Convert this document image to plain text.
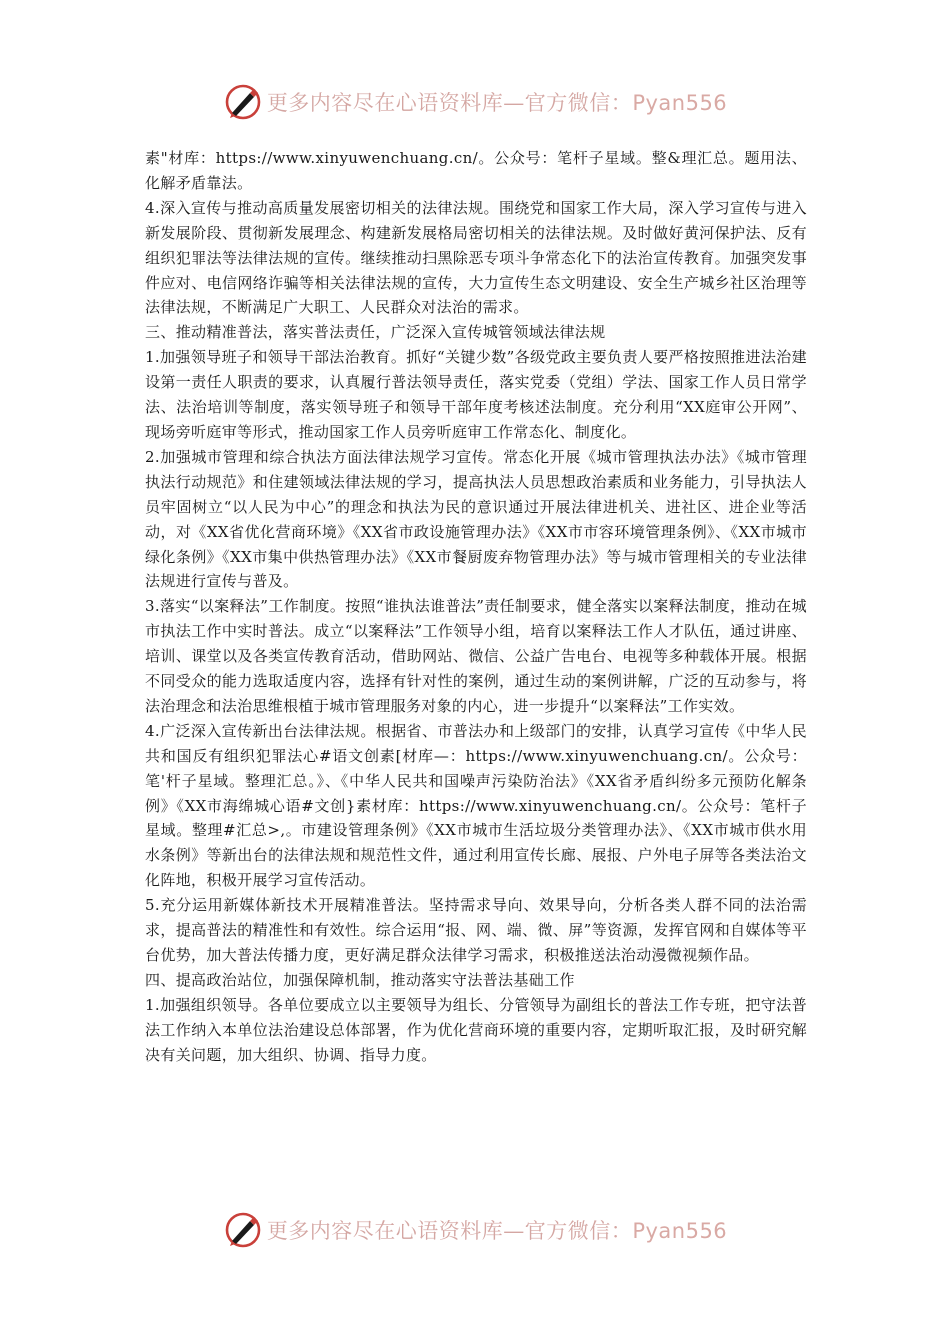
更多内容尽在心语资料库—官方微信：Pyan556

素"材库：https://www.xinyuwenchuang.cn/。公众号：笔杆子星域。整&理汇总。题用法、化解矛盾靠法。

4.深入宣传与推动高质量发展密切相关的法律法规。围绕党和国家工作大局，深入学习宣传与进入新发展阶段、贯彻新发展理念、构建新发展格局密切相关的法律法规。及时做好黄河保护法、反有组织犯罪法等法律法规的宣传。继续推动扫黑除恶专项斗争常态化下的法治宣传教育。加强突发事件应对、电信网络诈骗等相关法律法规的宣传，大力宣传生态文明建设、安全生产城乡社区治理等法律法规，不断满足广大职工、人民群众对法治的需求。

三、推动精准普法，落实普法责任，广泛深入宣传城管领域法律法规

1.加强领导班子和领导干部法治教育。抓好“关键少数”各级党政主要负责人要严格按照推进法治建设第一责任人职责的要求，认真履行普法领导责任，落实党委（党组）学法、国家工作人员日常学法、法治培训等制度，落实领导班子和领导干部年度考核述法制度。充分利用“XX庭审公开网”、现场旁听庭审等形式，推动国家工作人员旁听庭审工作常态化、制度化。

2.加强城市管理和综合执法方面法律法规学习宣传。常态化开展《城市管理执法办法》《城市管理执法行动规范》和住建领域法律法规的学习，提高执法人员思想政治素质和业务能力，引导执法人员牢固树立“以人民为中心”的理念和执法为民的意识通过开展法律进机关、进社区、进企业等活动，对《XX省优化营商环境》《XX省市政设施管理办法》《XX市市容环境管理条例》、《XX市城市绿化条例》《XX市集中供热管理办法》《XX市餐厨废弃物管理办法》等与城市管理相关的专业法律法规进行宣传与普及。

3.落实“以案释法”工作制度。按照“谁执法谁普法”责任制要求，健全落实以案释法制度，推动在城市执法工作中实时普法。成立“以案释法”工作领导小组，培育以案释法工作人才队伍，通过讲座、培训、课堂以及各类宣传教育活动，借助网站、微信、公益广告电台、电视等多种载体开展。根据不同受众的能力选取适度内容，选择有针对性的案例，通过生动的案例讲解，广泛的互动参与，将法治理念和法治思维根植于城市管理服务对象的内心，进一步提升“以案释法”工作实效。

4.广泛深入宣传新出台法律法规。根据省、市普法办和上级部门的安排，认真学习宣传《中华人民共和国反有组织犯罪法心#语文创素[材库—：https://www.xinyuwenchuang.cn/。公众号：笔'杆子星域。整理汇总。》、《中华人民共和国噪声污染防治法》《XX省矛盾纠纷多元预防化解条例》《XX市海绵城心语#文创}素材库：https://www.xinyuwenchuang.cn/。公众号：笔杆子星域。整理#汇总>,。市建设管理条例》《XX市城市生活垃圾分类管理办法》、《XX市城市供水用水条例》等新出台的法律法规和规范性文件，通过利用宣传长廊、展报、户外电子屏等各类法治文化阵地，积极开展学习宣传活动。

5.充分运用新媒体新技术开展精准普法。坚持需求导向、效果导向，分析各类人群不同的法治需求，提高普法的精准性和有效性。综合运用“报、网、端、微、屏”等资源，发挥官网和自媒体等平台优势，加大普法传播力度，更好满足群众法律学习需求，积极推送法治动漫微视频作品。

四、提高政治站位，加强保障机制，推动落实守法普法基础工作

1.加强组织领导。各单位要成立以主要领导为组长、分管领导为副组长的普法工作专班，把守法普法工作纳入本单位法治建设总体部署，作为优化营商环境的重要内容，定期听取汇报，及时研究解决有关问题，加大组织、协调、指导力度。

更多内容尽在心语资料库—官方微信：Pyan556
